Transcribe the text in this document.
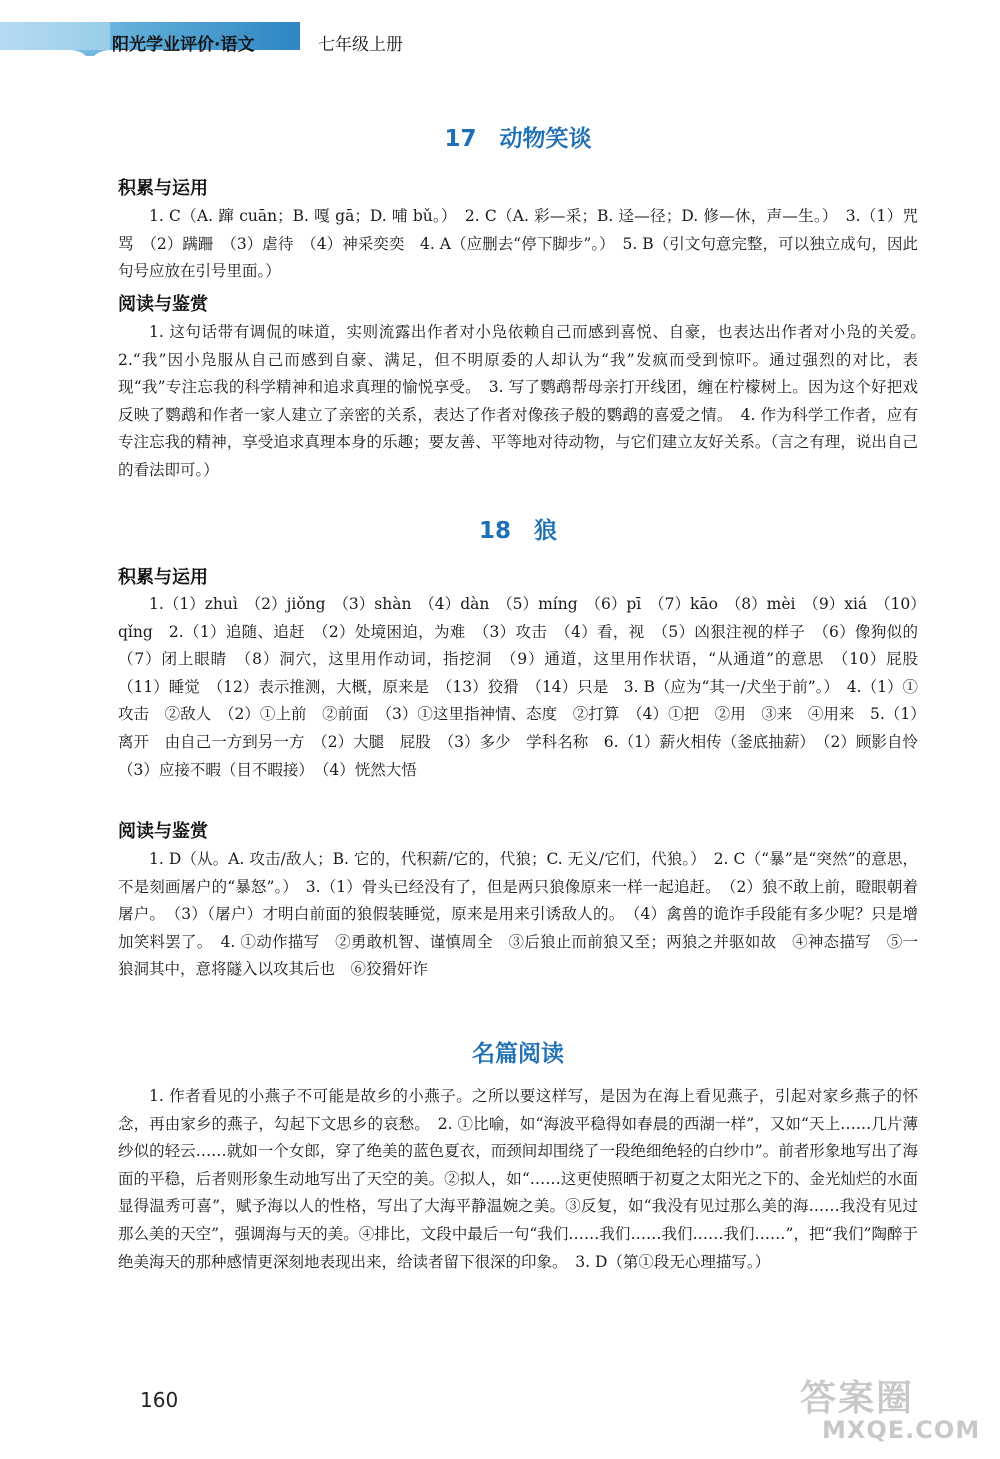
阳光学业评价·语文	七年级上册
17　动物笑谈
积累与运用
1. C（A. 蹿 cuān；B. 嘎 gā；D. 哺 bǔ。）　2. C（A. 彩—采；B. 迳—径；D. 修—休，声—生。）　3.（1）咒骂　（2）蹒跚　（3）虐待　（4）神采奕奕　4. A（应删去“停下脚步”。）　5. B（引文句意完整，可以独立成句，因此句号应放在引号里面。）
阅读与鉴赏
1. 这句话带有调侃的味道，实则流露出作者对小凫依赖自己而感到喜悦、自豪，也表达出作者对小凫的关爱。　2.“我”因小凫服从自己而感到自豪、满足，但不明原委的人却认为“我”发疯而受到惊吓。通过强烈的对比，表现“我”专注忘我的科学精神和追求真理的愉悦享受。　3. 写了鹦鹉帮母亲打开线团，缠在柠檬树上。因为这个好把戏反映了鹦鹉和作者一家人建立了亲密的关系，表达了作者对像孩子般的鹦鹉的喜爱之情。　4. 作为科学工作者，应有专注忘我的精神，享受追求真理本身的乐趣；要友善、平等地对待动物，与它们建立友好关系。（言之有理，说出自己的看法即可。）
18　狼
积累与运用
1.（1）zhuì　（2）jiǒng　（3）shàn　（4）dàn　（5）míng　（6）pī　（7）kāo　（8）mèi　（9）xiá　（10）qǐng　2.（1）追随、追赶　（2）处境困迫，为难　（3）攻击　（4）看，视　（5）凶狠注视的样子　（6）像狗似的　（7）闭上眼睛　（8）洞穴，这里用作动词，指挖洞　（9）通道，这里用作状语，“从通道”的意思　（10）屁股　（11）睡觉　（12）表示推测，大概，原来是　（13）狡猾　（14）只是　3. B（应为“其一/犬坐于前”。）　4.（1）①攻击　②敌人　（2）①上前　②前面　（3）①这里指神情、态度　②打算　（4）①把　②用　③来　④用来　5.（1）离开　由自己一方到另一方　（2）大腿　屁股　（3）多少　学科名称　6.（1）薪火相传（釜底抽薪）　（2）顾影自怜　（3）应接不暇（目不暇接）　（4）恍然大悟
阅读与鉴赏
1. D（从。A. 攻击/敌人；B. 它的，代积薪/它的，代狼；C. 无义/它们，代狼。）　2. C（“暴”是“突然”的意思，不是刻画屠户的“暴怒”。）　3.（1）骨头已经没有了，但是两只狼像原来一样一起追赶。　（2）狼不敢上前，瞪眼朝着屠户。　（3）（屠户）才明白前面的狼假装睡觉，原来是用来引诱敌人的。　（4）禽兽的诡诈手段能有多少呢？只是增加笑料罢了。　4. ①动作描写　②勇敢机智、谨慎周全　③后狼止而前狼又至；两狼之并驱如故　④神态描写　⑤一狼洞其中，意将隧入以攻其后也　⑥狡猾奸诈
名篇阅读
1. 作者看见的小燕子不可能是故乡的小燕子。之所以要这样写，是因为在海上看见燕子，引起对家乡燕子的怀念，再由家乡的燕子，勾起下文思乡的哀愁。　2. ①比喻，如“海波平稳得如春晨的西湖一样”，又如“天上……几片薄纱似的轻云……就如一个女郎，穿了绝美的蓝色夏衣，而颈间却围绕了一段绝细绝轻的白纱巾”。前者形象地写出了海面的平稳，后者则形象生动地写出了天空的美。②拟人，如“……这更使照晒于初夏之太阳光之下的、金光灿烂的水面显得温秀可喜”，赋予海以人的性格，写出了大海平静温婉之美。③反复，如“我没有见过那么美的海……我没有见过那么美的天空”，强调海与天的美。④排比，文段中最后一句“我们……我们……我们……我们……”，把“我们”陶醉于绝美海天的那种感情更深刻地表现出来，给读者留下很深的印象。　3. D（第①段无心理描写。）
160	答案圈
MXQE.COM
